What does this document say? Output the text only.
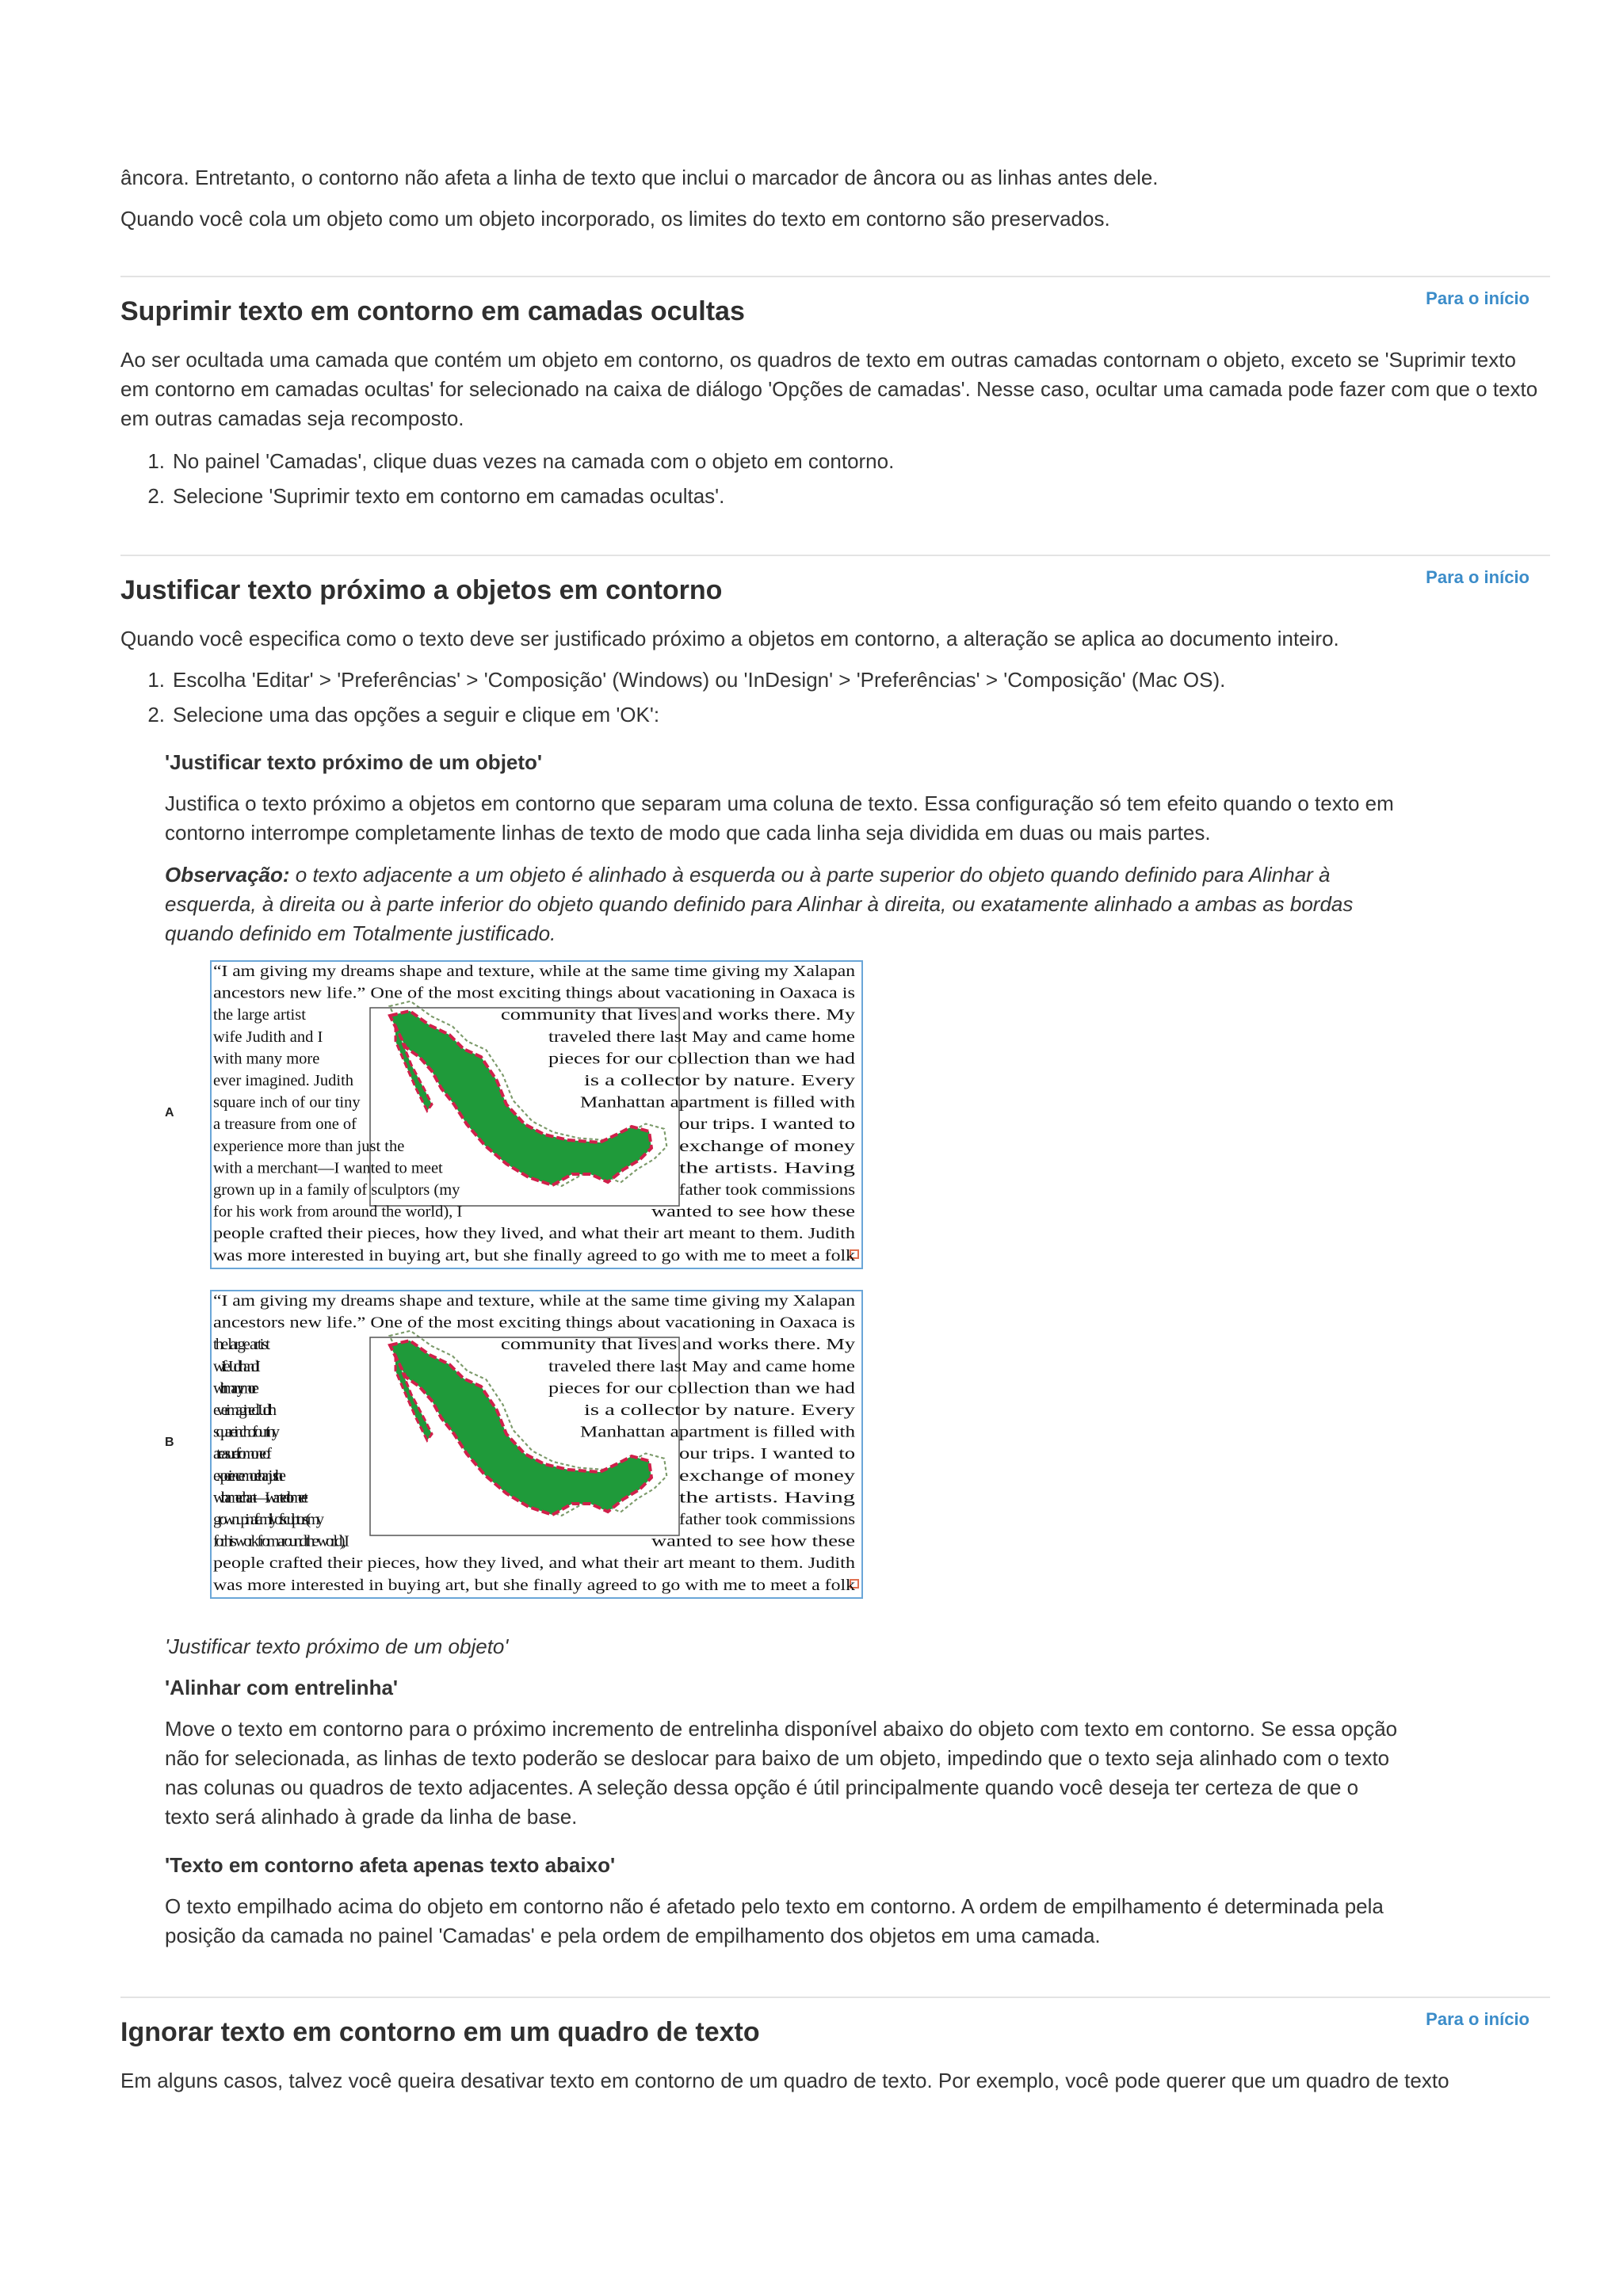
âncora. Entretanto, o contorno não afeta a linha de texto que inclui o marcador de âncora ou as linhas antes dele.

Quando você cola um objeto como um objeto incorporado, os limites do texto em contorno são preservados.

Para o início
Suprimir texto em contorno em camadas ocultas

Ao ser ocultada uma camada que contém um objeto em contorno, os quadros de texto em outras camadas contornam o objeto, exceto se 'Suprimir texto em contorno em camadas ocultas' for selecionado na caixa de diálogo 'Opções de camadas'. Nesse caso, ocultar uma camada pode fazer com que o texto em outras camadas seja recomposto.

1. No painel 'Camadas', clique duas vezes na camada com o objeto em contorno.
2. Selecione 'Suprimir texto em contorno em camadas ocultas'.
Para o início
Justificar texto próximo a objetos em contorno

Quando você especifica como o texto deve ser justificado próximo a objetos em contorno, a alteração se aplica ao documento inteiro.

1. Escolha 'Editar' > 'Preferências' > 'Composição' (Windows) ou 'InDesign' > 'Preferências' > 'Composição' (Mac OS).
2. Selecione uma das opções a seguir e clique em 'OK':

'Justificar texto próximo de um objeto'

Justifica o texto próximo a objetos em contorno que separam uma coluna de texto. Essa configuração só tem efeito quando o texto em contorno interrompe completamente linhas de texto de modo que cada linha seja dividida em duas ou mais partes.

Observação: o texto adjacente a um objeto é alinhado à esquerda ou à parte superior do objeto quando definido para Alinhar à esquerda, à direita ou à parte inferior do objeto quando definido para Alinhar à direita, ou exatamente alinhado a ambas as bordas quando definido em Totalmente justificado.

A
“I am giving my dreams shape and texture, while at the same time giving my Xalapan
ancestors new life.” One of the most exciting things about vacationing in Oaxaca is
the large artist	community that lives and works there. My
wife Judith and I	traveled there last May and came home
with many more	pieces for our collection than we had
ever imagined. Judith	is a collector by nature. Every
square inch of our tiny	Manhattan apartment is filled with
a treasure from one of	our trips. I wanted to
experience more than just the	exchange of money
with a merchant—I wanted to meet	the artists. Having
grown up in a family of sculptors (my	father took commissions
for his work from around the world), I	wanted to see how these
people crafted their pieces, how they lived, and what their art meant to them. Judith
was more interested in buying art, but she finally agreed to go with me to meet a folk
B
“I am giving my dreams shape and texture, while at the same time giving my Xalapan
ancestors new life.” One of the most exciting things about vacationing in Oaxaca is
the large artist	community that lives and works there. My
wife Judith and I	traveled there last May and came home
with many more	pieces for our collection than we had
ever imagined. Judith	is a collector by nature. Every
square inch of our tiny	Manhattan apartment is filled with
a treasure from one of	our trips. I wanted to
experience more than just the	exchange of money
with a merchant—I wanted to meet	the artists. Having
grown up in a family of sculptors (my	father took commissions
for his work from around the world), I	wanted to see how these
people crafted their pieces, how they lived, and what their art meant to them. Judith
was more interested in buying art, but she finally agreed to go with me to meet a folk

'Justificar texto próximo de um objeto'

'Alinhar com entrelinha'

Move o texto em contorno para o próximo incremento de entrelinha disponível abaixo do objeto com texto em contorno. Se essa opção não for selecionada, as linhas de texto poderão se deslocar para baixo de um objeto, impedindo que o texto seja alinhado com o texto nas colunas ou quadros de texto adjacentes. A seleção dessa opção é útil principalmente quando você deseja ter certeza de que o texto será alinhado à grade da linha de base.

'Texto em contorno afeta apenas texto abaixo'

O texto empilhado acima do objeto em contorno não é afetado pelo texto em contorno. A ordem de empilhamento é determinada pela posição da camada no painel 'Camadas' e pela ordem de empilhamento dos objetos em uma camada.

Para o início
Ignorar texto em contorno em um quadro de texto

Em alguns casos, talvez você queira desativar texto em contorno de um quadro de texto. Por exemplo, você pode querer que um quadro de texto
